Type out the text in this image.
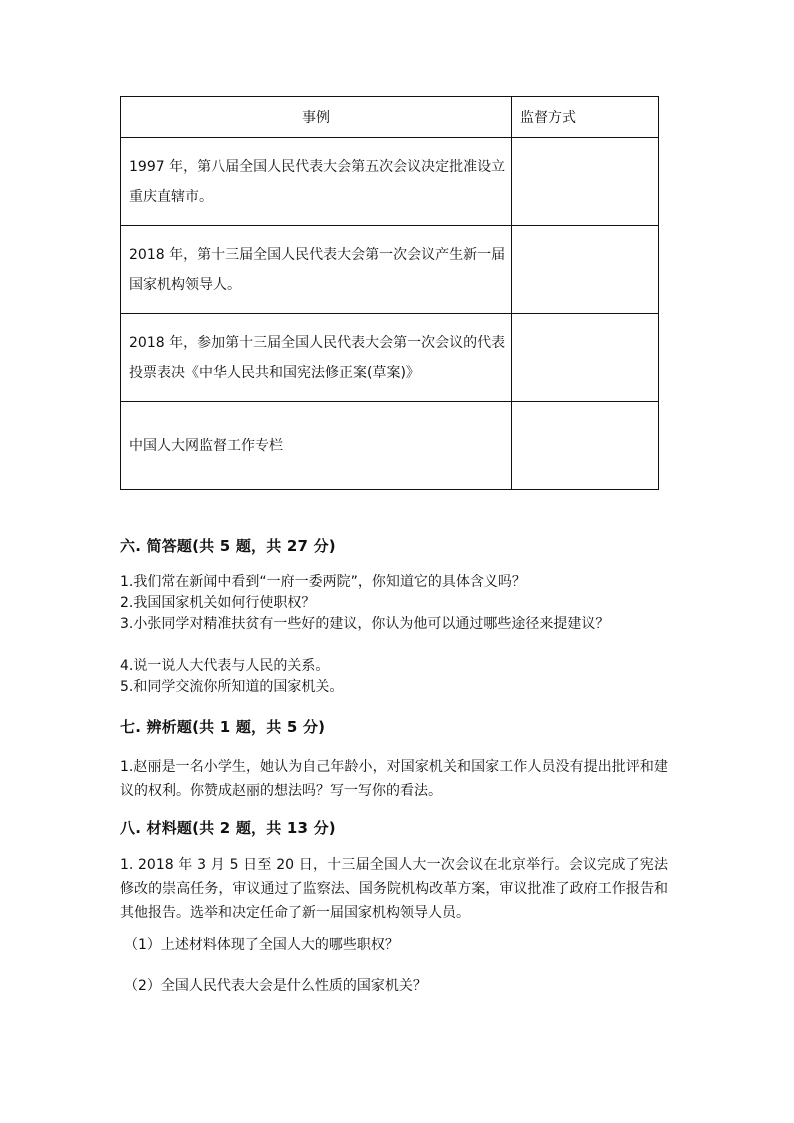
事例	监督方式
1997 年，第八届全国人民代表大会第五次会议决定批准设立重庆直辖市。	
2018 年，第十三届全国人民代表大会第一次会议产生新一届国家机构领导人。	
2018 年，参加第十三届全国人民代表大会第一次会议的代表投票表决《中华人民共和国宪法修正案(草案)》	
中国人大网监督工作专栏	
六. 简答题(共 5 题，共 27 分)
1.我们常在新闻中看到“一府一委两院”，你知道它的具体含义吗？
2.我国国家机关如何行使职权？
3.小张同学对精准扶贫有一些好的建议，你认为他可以通过哪些途径来提建议？
4.说一说人大代表与人民的关系。
5.和同学交流你所知道的国家机关。
七. 辨析题(共 1 题，共 5 分)
1.赵丽是一名小学生，她认为自己年龄小，对国家机关和国家工作人员没有提出批评和建议的权利。你赞成赵丽的想法吗？写一写你的看法。
八. 材料题(共 2 题，共 13 分)
1. 2018 年 3 月 5 日至 20 日，十三届全国人大一次会议在北京举行。会议完成了宪法修改的崇高任务，审议通过了监察法、国务院机构改革方案，审议批准了政府工作报告和其他报告。选举和决定任命了新一届国家机构领导人员。
（1）上述材料体现了全国人大的哪些职权？
（2）全国人民代表大会是什么性质的国家机关？
